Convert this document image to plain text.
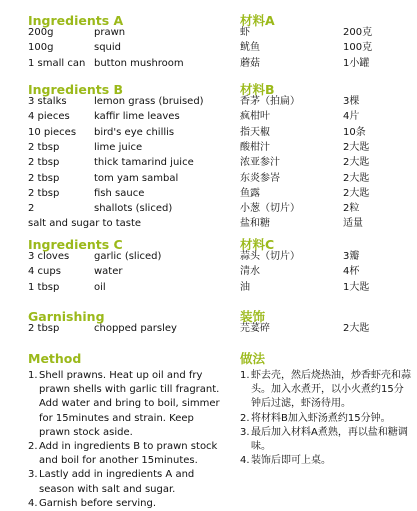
Ingredients A
200g	prawn
100g	squid
1 small can button mushroom
Ingredients B
3 stalks	lemon grass (bruised)
4 pieces kaffir lime leaves
10 pieces bird's eye chillis
2 tbsp	lime juice
2 tbsp	thick tamarind juice
2 tbsp	tom yam sambal
2 tbsp	fish sauce
2	shallots (sliced)
salt and sugar to taste
Ingredients C
3 cloves garlic (sliced)
4 cups	water
1 tbsp	oil
Garnishing
2 tbsp	chopped parsley
Method
1. Shell prawns. Heat up oil and fry prawn shells with garlic till fragrant. Add water and bring to boil, simmer for 15minutes and strain. Keep prawn stock aside.
2. Add in ingredients B to prawn stock and boil for another 15minutes.
3. Lastly add in ingredients A and season with salt and sugar.
4. Garnish before serving.
材料A
虾	200克
鱿鱼	100克
蘑菇	1小罐
材料B
香茅（拍扁）	3棵
疯柑叶	4片
指天椒	10条
酸柑汁	2大匙
浓亚参汁	2大匙
东炎参峇	2大匙
鱼露	2大匙
小葱（切片）	2粒
盐和糖	适量
材料C
蒜头（切片）	3瓣
清水	4杯
油	1大匙
装饰
芫荽碎	2大匙
做法
1. 虾去壳，然后烧热油，炒香虾壳和蒜头。加入水煮开，以小火煮约15分钟后过滤，虾汤待用。
2. 将材料B加入虾汤煮约15分钟。
3. 最后加入材料A煮熟，再以盐和糖调味。
4. 装饰后即可上桌。
